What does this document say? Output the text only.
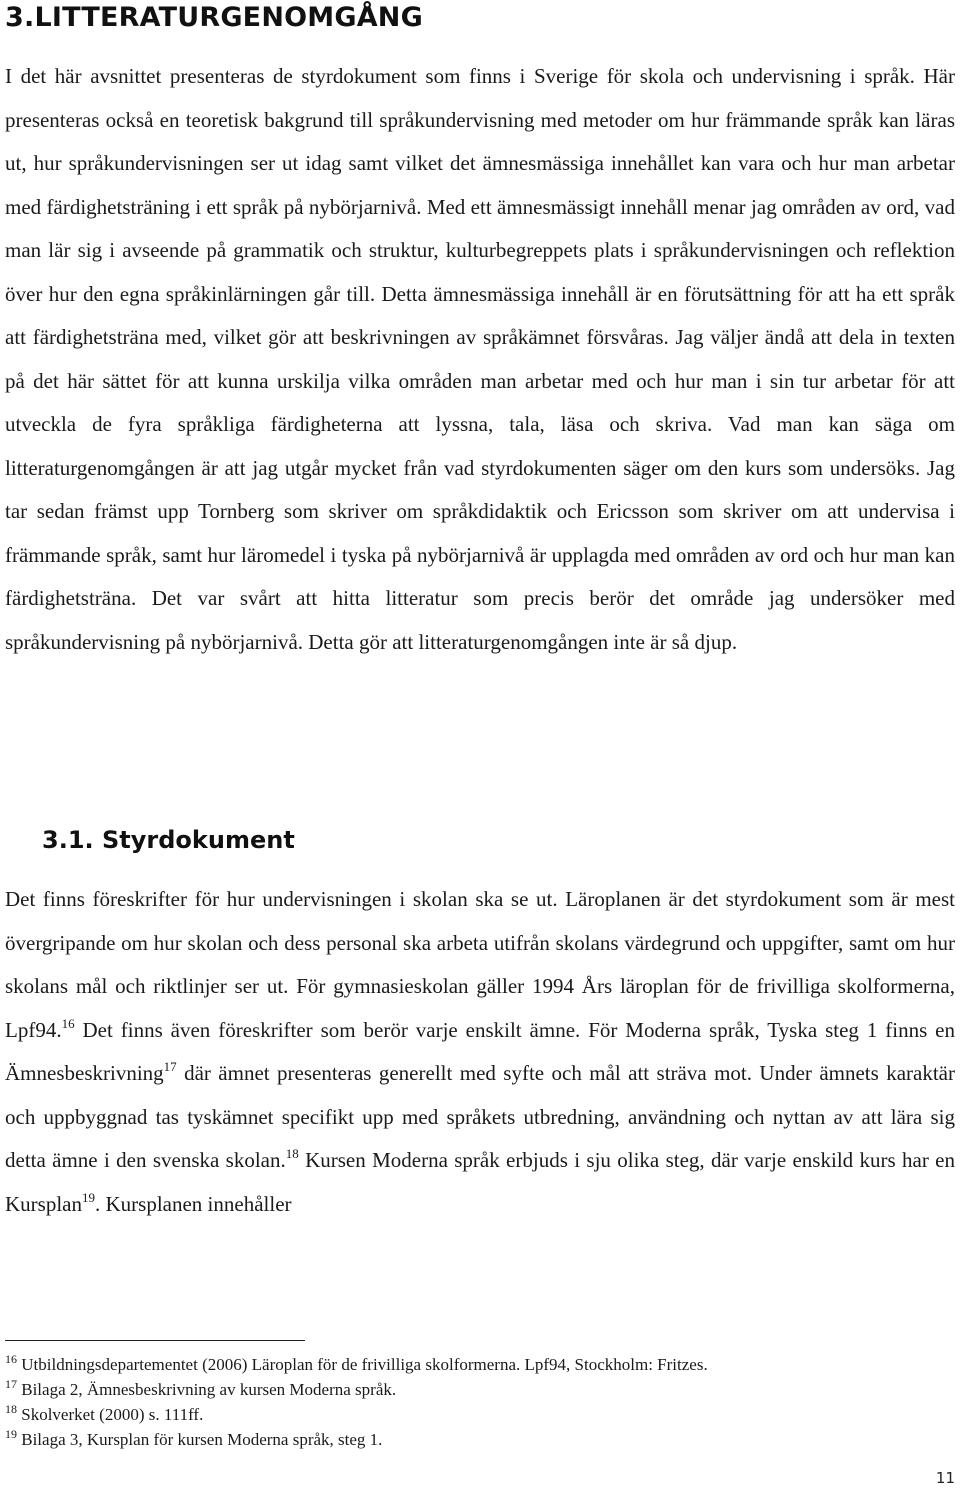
3.LITTERATURGENOMGÅNG

I det här avsnittet presenteras de styrdokument som finns i Sverige för skola och undervisning i språk. Här presenteras också en teoretisk bakgrund till språkundervisning med metoder om hur främmande språk kan läras ut, hur språkundervisningen ser ut idag samt vilket det ämnesmässiga innehållet kan vara och hur man arbetar med färdighetsträning i ett språk på nybörjarnivå. Med ett ämnesmässigt innehåll menar jag områden av ord, vad man lär sig i avseende på grammatik och struktur, kulturbegreppets plats i språkundervisningen och reflektion över hur den egna språkinlärningen går till. Detta ämnesmässiga innehåll är en förutsättning för att ha ett språk att färdighetsträna med, vilket gör att beskrivningen av språkämnet försvåras. Jag väljer ändå att dela in texten på det här sättet för att kunna urskilja vilka områden man arbetar med och hur man i sin tur arbetar för att utveckla de fyra språkliga färdigheterna att lyssna, tala, läsa och skriva. Vad man kan säga om litteraturgenomgången är att jag utgår mycket från vad styrdokumenten säger om den kurs som undersöks. Jag tar sedan främst upp Tornberg som skriver om språkdidaktik och Ericsson som skriver om att undervisa i främmande språk, samt hur läromedel i tyska på nybörjarnivå är upplagda med områden av ord och hur man kan färdighetsträna. Det var svårt att hitta litteratur som precis berör det område jag undersöker med språkundervisning på nybörjarnivå. Detta gör att litteraturgenomgången inte är så djup.

3.1. Styrdokument

Det finns föreskrifter för hur undervisningen i skolan ska se ut. Läroplanen är det styrdokument som är mest övergripande om hur skolan och dess personal ska arbeta utifrån skolans värdegrund och uppgifter, samt om hur skolans mål och riktlinjer ser ut. För gymnasieskolan gäller 1994 Års läroplan för de frivilliga skolformerna, Lpf94.16 Det finns även föreskrifter som berör varje enskilt ämne. För Moderna språk, Tyska steg 1 finns en Ämnesbeskrivning$^{17}$ där ämnet presenteras generellt med syfte och mål att sträva mot. Under ämnets karaktär och uppbyggnad tas tyskämnet specifikt upp med språkets utbredning, användning och nyttan av att lära sig detta ämne i den svenska skolan.$^{18}$ Kursen Moderna språk erbjuds i sju olika steg, där varje enskild kurs har en Kursplan$^{19}$. Kursplanen innehåller

$^{16}$ Utbildningsdepartementet (2006) Läroplan för de frivilliga skolformerna. Lpf94, Stockholm: Fritzes.
$^{17}$ Bilaga 2, Ämnesbeskrivning av kursen Moderna språk.
$^{18}$ Skolverket (2000) s. 111ff.
$^{19}$ Bilaga 3, Kursplan för kursen Moderna språk, steg 1.
11
